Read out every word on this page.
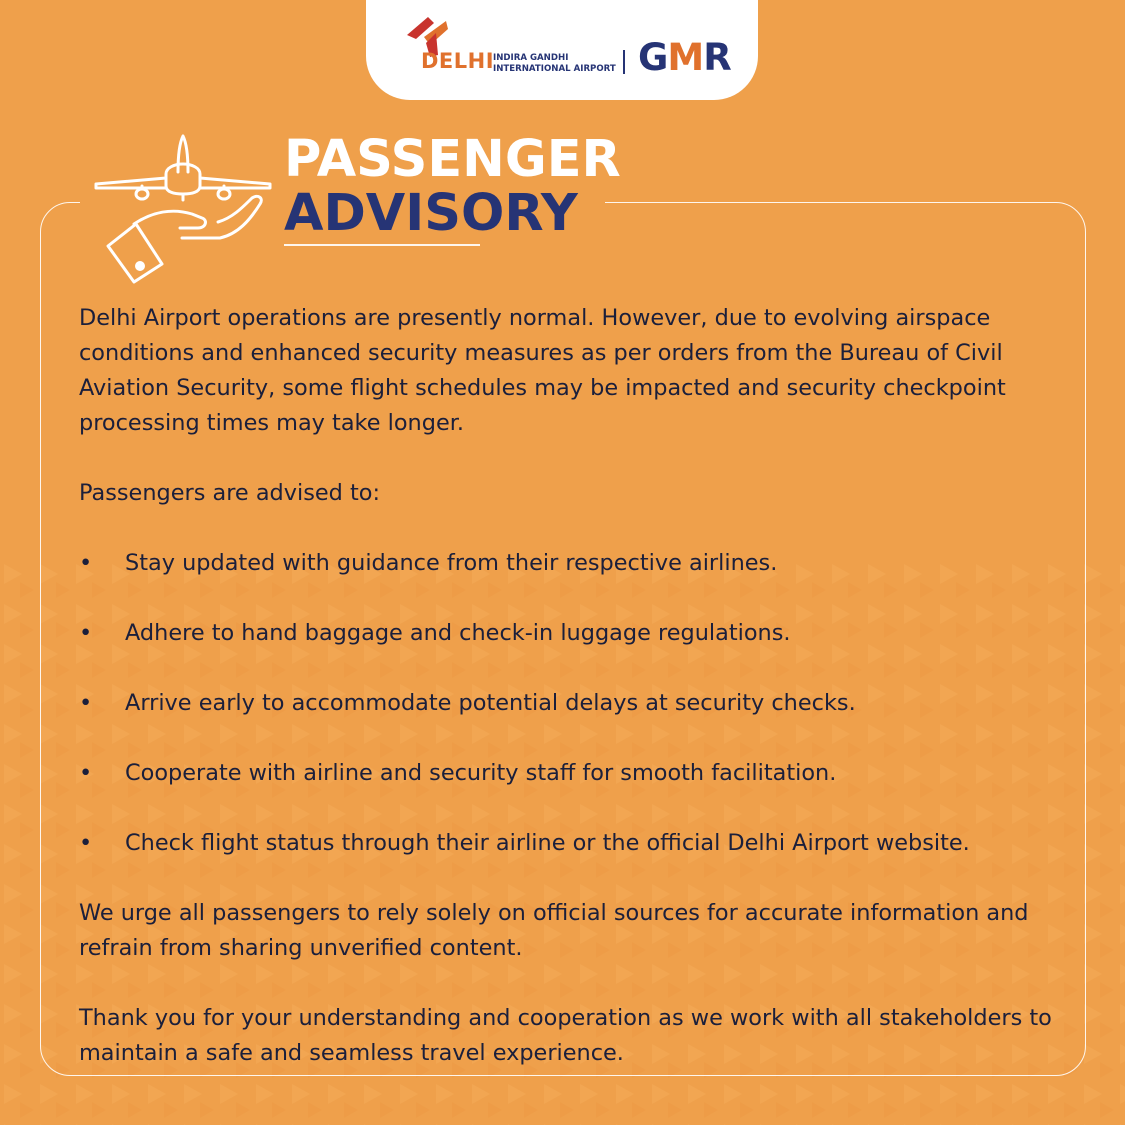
DELHI
INDIRA GANDHI
INTERNATIONAL AIRPORT GMR
PASSENGER
ADVISORY

Delhi Airport operations are presently normal. However, due to evolving airspace conditions and enhanced security measures as per orders from the Bureau of Civil Aviation Security, some flight schedules may be impacted and security checkpoint processing times may take longer.

Passengers are advised to:

• Stay updated with guidance from their respective airlines.
• Adhere to hand baggage and check-in luggage regulations.
• Arrive early to accommodate potential delays at security checks.
• Cooperate with airline and security staff for smooth facilitation.
• Check flight status through their airline or the official Delhi Airport website.

We urge all passengers to rely solely on official sources for accurate information and refrain from sharing unverified content.

Thank you for your understanding and cooperation as we work with all stakeholders to maintain a safe and seamless travel experience.
